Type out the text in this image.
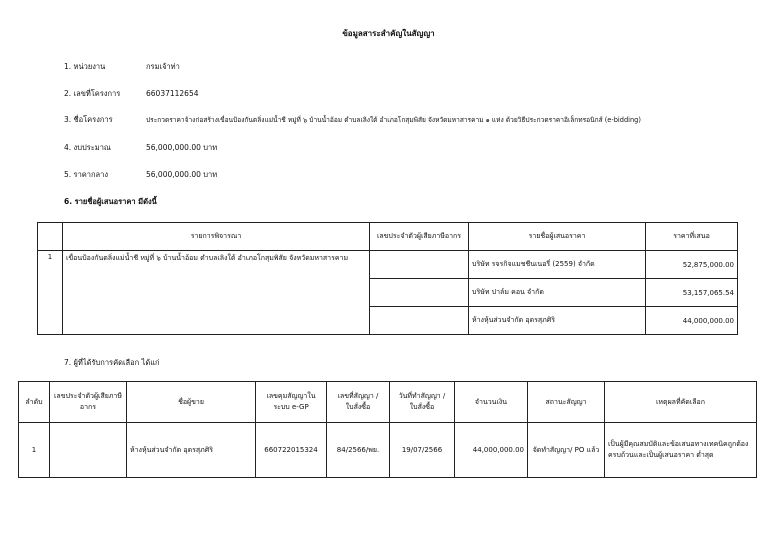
ข้อมูลสาระสำคัญในสัญญา
1. หน่วยงาน	กรมเจ้าท่า
2. เลขที่โครงการ	66037112654
3. ชื่อโครงการ	ประกวดราคาจ้างก่อสร้างเขื่อนป้องกันตลิ่งแม่น้ำชี หมู่ที่ ๖ บ้านน้ำอ้อม ตำบลเลิงใต้ อำเภอโกสุมพิสัย จังหวัดมหาสารคาม ๑ แห่ง ด้วยวิธีประกวดราคาอิเล็กทรอนิกส์ (e-bidding)
4. งบประมาณ	56,000,000.00 บาท
5. ราคากลาง	56,000,000.00 บาท
6. รายชื่อผู้เสนอราคา มีดังนี้
	รายการพิจารณา	เลขประจำตัวผู้เสียภาษีอากร	รายชื่อผู้เสนอราคา	ราคาที่เสนอ
1	เขื่อนป้องกันตลิ่งแม่น้ำชี หมู่ที่ ๖ บ้านน้ำอ้อม ตำบลเลิงใต้ อำเภอโกสุมพิสัย จังหวัดมหาสารคาม		บริษัท รจรกิจแมชชีนเนอรี่ (2559) จำกัด	52,875,000.00
			บริษัท ปาล์ม คอน จำกัด	53,157,065.54
			ห้างหุ้นส่วนจำกัด อุดรสุภศิริ	44,000,000.00
7. ผู้ที่ได้รับการคัดเลือก ได้แก่
ลำดับ	เลขประจำตัวผู้เสียภาษีอากร	ชื่อผู้ขาย	เลขคุมสัญญาในระบบ e-GP	เลขที่สัญญา / ใบสั่งซื้อ	วันที่ทำสัญญา / ใบสั่งซื้อ	จำนวนเงิน	สถานะสัญญา	เหตุผลที่คัดเลือก
1		ห้างหุ้นส่วนจำกัด อุดรสุภศิริ	660722015324	84/2566/พย.	19/07/2566	44,000,000.00	จัดทำสัญญา/ PO แล้ว	เป็นผู้มีคุณสมบัติและข้อเสนอทางเทคนิคถูกต้องครบถ้วนและเป็นผู้เสนอราคา ต่ำสุด
